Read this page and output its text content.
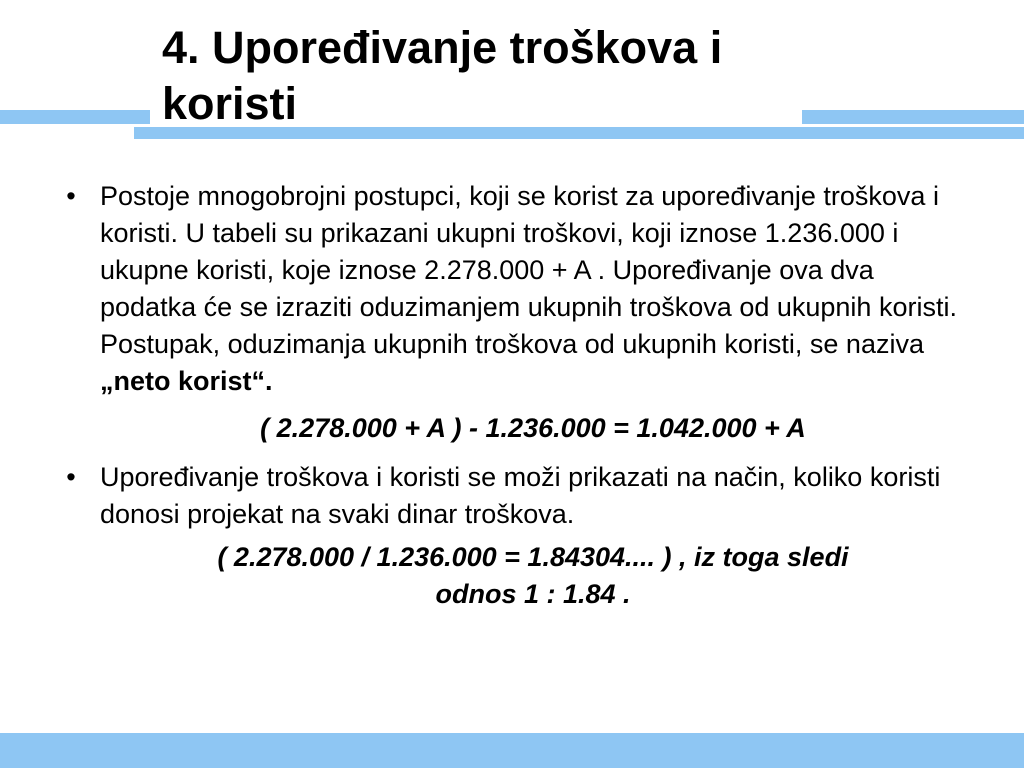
4. Upoređivanje troškova i koristi
• Postoje mnogobrojni postupci, koji se korist za upoređivanje troškova i koristi. U tabeli su prikazani ukupni troškovi, koji iznose 1.236.000 i ukupne koristi, koje iznose 2.278.000 + A . Upoređivanje ova dva podatka će se izraziti oduzimanjem ukupnih troškova od ukupnih koristi. Postupak, oduzimanja ukupnih troškova od ukupnih koristi, se naziva „neto korist“.
( 2.278.000 + A ) - 1.236.000 = 1.042.000 + A
• Upoređivanje troškova i koristi se moži prikazati na način, koliko koristi donosi projekat na svaki dinar troškova.
( 2.278.000 / 1.236.000 = 1.84304.... ) , iz toga sledi
odnos 1 : 1.84 .
